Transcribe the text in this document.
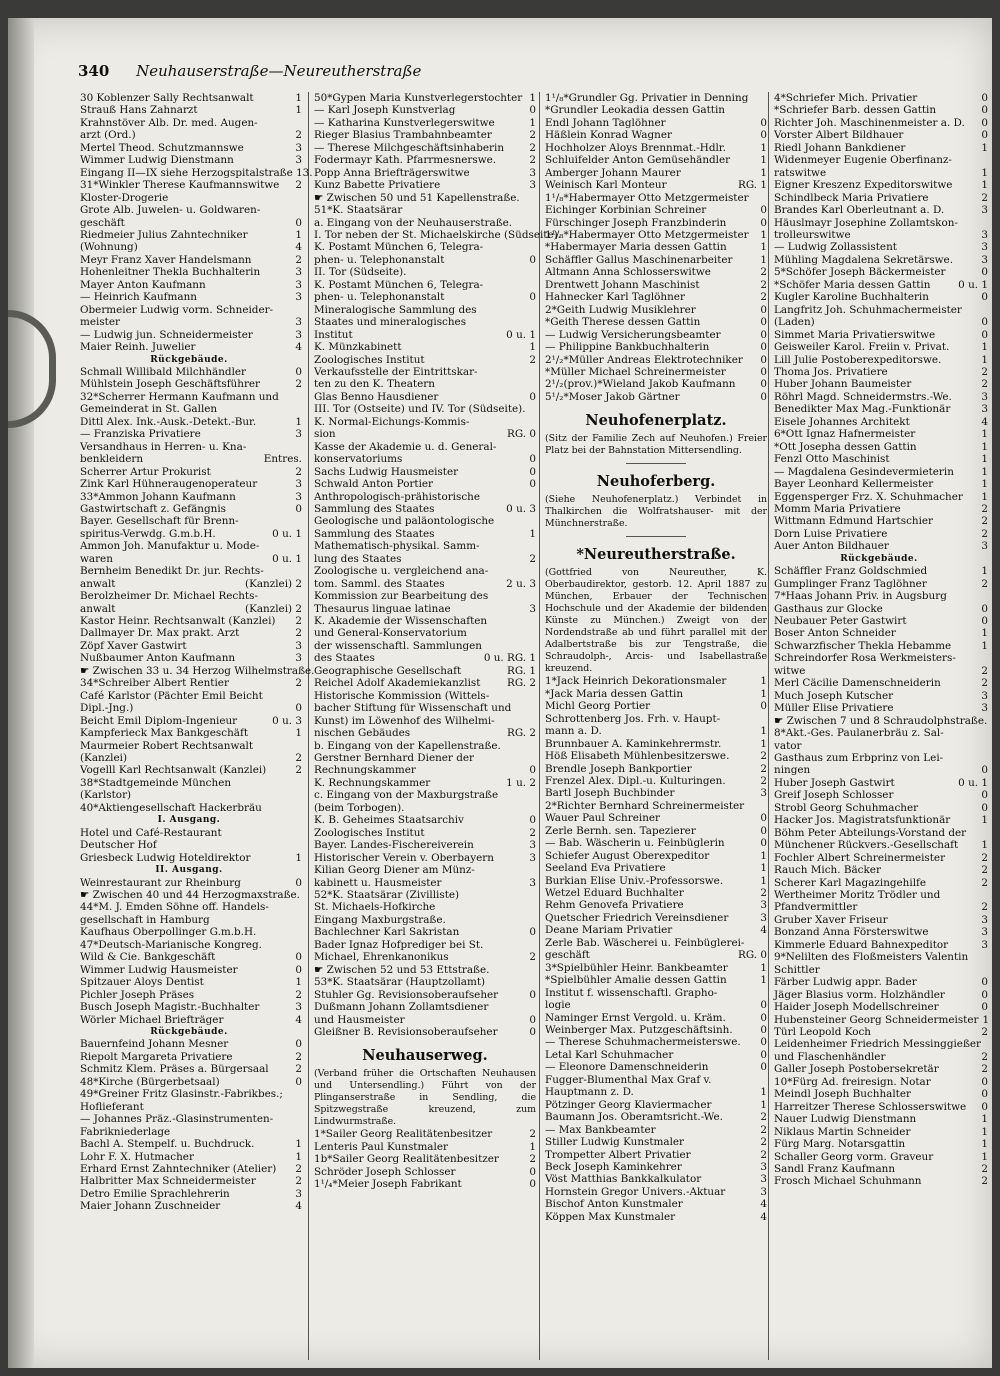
340 Neuhauserstraße—Neureutherstraße
30 Koblenzer Sally Rechtsanwalt	1
Strauß Hans Zahnarzt	1
Krahnstöver Alb. Dr. med. Augen-
arzt (Ord.)	2
Mertel Theod. Schutzmannswe	3
Wimmer Ludwig Dienstmann	3
Eingang II—IX siehe Herzogspitalstraße 13.
31*Winkler Therese Kaufmannswitwe	2
Kloster-Drogerie
Grote Alb. Juwelen- u. Goldwaren-
geschäft	0
Riedmeier Julius Zahntechniker	1
(Wohnung)	4
Meyr Franz Xaver Handelsmann	2
Hohenleitner Thekla Buchhalterin	3
Mayer Anton Kaufmann	3
— Heinrich Kaufmann	3
Obermeier Ludwig vorm. Schneider-
meister	3
— Ludwig jun. Schneidermeister	3
Maier Reinh. Juwelier	4
Rückgebäude.
Schmall Willibald Milchhändler	0
Mühlstein Joseph Geschäftsführer	2
32*Scherrer Hermann Kaufmann und
Gemeinderat in St. Gallen
Dittl Alex. Ink.-Ausk.-Detekt.-Bur.	1
— Franziska Privatiere	3
Versandhaus in Herren- u. Kna-
benkleidern	Entres.
Scherrer Artur Prokurist	2
Zink Karl Hühneraugenoperateur	3
33*Ammon Johann Kaufmann	3
Gastwirtschaft z. Gefängnis	0
Bayer. Gesellschaft für Brenn-
spiritus-Verwdg. G.m.b.H.	0 u. 1
Ammon Joh. Manufaktur u. Mode-
waren	0 u. 1
Bernheim Benedikt Dr. jur. Rechts-
anwalt	(Kanzlei) 2
Berolzheimer Dr. Michael Rechts-
anwalt	(Kanzlei) 2
Kastor Heinr. Rechtsanwalt (Kanzlei)	2
Dallmayer Dr. Max prakt. Arzt	2
Zöpf Xaver Gastwirt	3
Nußbaumer Anton Kaufmann	3
☛ Zwischen 33 u. 34 Herzog Wilhelmstraße.
34*Schreiber Albert Rentier	2
Café Karlstor (Pächter Emil Beicht
Dipl.-Jng.)	0
Beicht Emil Diplom-Ingenieur	0 u. 3
Kampferieck Max Bankgeschäft	1
Maurmeier Robert Rechtsanwalt
(Kanzlei)	2
Vogelll Karl Rechtsanwalt (Kanzlei)	2
38*Stadtgemeinde München
(Karlstor)
40*Aktiengesellschaft Hackerbräu
I. Ausgang.
Hotel und Café-Restaurant
Deutscher Hof
Griesbeck Ludwig Hoteldirektor	1
II. Ausgang.
Weinrestaurant zur Rheinburg	0
☛ Zwischen 40 und 44 Herzogmaxstraße.
44*M. J. Emden Söhne off. Handels-
gesellschaft in Hamburg
Kaufhaus Oberpollinger G.m.b.H.
47*Deutsch-Marianische Kongreg.
Wild & Cie. Bankgeschäft	0
Wimmer Ludwig Hausmeister	0
Spitzauer Aloys Dentist	1
Pichler Joseph Präses	2
Busch Joseph Magistr.-Buchhalter	3
Wörler Michael Briefträger	4
Rückgebäude.
Bauernfeind Johann Mesner	0
Riepolt Margareta Privatiere	2
Schmitz Klem. Präses a. Bürgersaal	2
48*Kirche (Bürgerbetsaal)	0
49*Greiner Fritz Glasinstr.-Fabrikbes.;
Hoflieferant
— Johannes Präz.-Glasinstrumenten-
Fabrikniederlage
Bachl A. Stempelf. u. Buchdruck.	1
Lohr F. X. Hutmacher	1
Erhard Ernst Zahntechniker (Atelier)	2
Halbritter Max Schneidermeister	2
Detro Emilie Sprachlehrerin	3
Maier Johann Zuschneider	4
50*Gypen Maria Kunstverlegerstochter 1
— Karl Joseph Kunstverlag	0
— Katharina Kunstverlegerswitwe	1
Rieger Blasius Trambahnbeamter	2
— Therese Milchgeschäftsinhaberin	2
Fodermayr Kath. Pfarrmesnerswe.	2
Popp Anna Briefträgerswitwe	3
Kunz Babette Privatiere	3
☛ Zwischen 50 und 51 Kapellenstraße.
51*K. Staatsärar
a. Eingang von der Neuhauserstraße.
I. Tor neben der St. Michaelskirche (Südseite).
K. Postamt München 6, Telegra-
phen- u. Telephonanstalt	0
II. Tor (Südseite).
K. Postamt München 6, Telegra-
phen- u. Telephonanstalt	0
Mineralogische Sammlung des
Staates und mineralogisches
Institut	0 u. 1
K. Münzkabinett	1
Zoologisches Institut	2
Verkaufsstelle der Eintrittskar-
ten zu den K. Theatern
Glas Benno Hausdiener	0
III. Tor (Ostseite) und IV. Tor (Südseite).
K. Normal-Eichungs-Kommis-
sion	RG. 0
Kasse der Akademie u. d. General-
konservatoriums	0
Sachs Ludwig Hausmeister	0
Schwald Anton Portier	0
Anthropologisch-prähistorische
Sammlung des Staates	0 u. 3
Geologische und paläontologische
Sammlung des Staates	1
Mathematisch-physikal. Samm-
lung des Staates	2
Zoologische u. vergleichend ana-
tom. Samml. des Staates	2 u. 3
Kommission zur Bearbeitung des
Thesaurus linguae latinae	3
K. Akademie der Wissenschaften
und General-Konservatorium
der wissenschaftl. Sammlungen
des Staates	0 u. RG. 1
Geographische Gesellschaft	RG. 1
Reichel Adolf Akademiekanzlist	RG. 2
Historische Kommission (Wittels-
bacher Stiftung für Wissenschaft und
Kunst) im Löwenhof des Wilhelmi-
nischen Gebäudes	RG. 2
b. Eingang von der Kapellenstraße.
Gerstner Bernhard Diener der
Rechnungskammer	0
K. Rechnungskammer	1 u. 2
c. Eingang von der Maxburgstraße
(beim Torbogen).
K. B. Geheimes Staatsarchiv	0
Zoologisches Institut	2
Bayer. Landes-Fischereiverein	3
Historischer Verein v. Oberbayern	3
Kilian Georg Diener am Münz-
kabinett u. Hausmeister	3
52*K. Staatsärar (Zivilliste)
St. Michaels-Hofkirche
Eingang Maxburgstraße.
Bachlechner Karl Sakristan	0
Bader Ignaz Hofprediger bei St.
Michael, Ehrenkanonikus	2
☛ Zwischen 52 und 53 Ettstraße.
53*K. Staatsärar (Hauptzollamt)
Stuhler Gg. Revisionsoberaufseher	0
Dußmann Johann Zollamtsdiener
und Hausmeister	0
Gleißner B. Revisionsoberaufseher	0
Neuhauserweg.
(Verband früher die Ortschaften Neuhausen und Untersendling.) Führt von der Plinganserstraße in Sendling, die Spitzwegstraße kreuzend, zum Lindwurmstraße.
1*Sailer Georg Realitätenbesitzer	2
Lenteris Paul Kunstmaler	1
1b*Sailer Georg Realitätenbesitzer	2
Schröder Joseph Schlosser	0
1¹/₄*Meier Joseph Fabrikant	0
1¹/₈*Grundler Gg. Privatier in Denning
*Grundler Leokadia dessen Gattin
Endl Johann Taglöhner	0
Häßlein Konrad Wagner	0
Hochholzer Aloys Brennmat.-Hdlr.	1
Schluifelder Anton Gemüsehändler	1
Amberger Johann Maurer	1
Weinisch Karl Monteur	RG. 1
1¹/₈*Habermayer Otto Metzgermeister
Eichinger Korbinian Schreiner	0
Fürschinger Joseph Franzbinderin	0
1¹/₈*Habermayer Otto Metzgermeister	1
*Habermayer Maria dessen Gattin	1
Schäffler Gallus Maschinenarbeiter	1
Altmann Anna Schlosserswitwe	2
Drentwett Johann Maschinist	2
Hahnecker Karl Taglöhner	2
2*Geith Ludwig Musiklehrer	0
*Geith Therese dessen Gattin	0
— Ludwig Versicherungsbeamter	0
— Philippine Bankbuchhalterin	0
2¹/₂*Müller Andreas Elektrotechniker	0
*Müller Michael Schreinermeister	0
2¹/₂(prov.)*Wieland Jakob Kaufmann	0
5¹/₂*Moser Jakob Gärtner	0
Neuhofenerplatz.
(Sitz der Familie Zech auf Neuhofen.) Freier Platz bei der Bahnstation Mittersendling.
Neuhoferberg.
(Siehe Neuhofenerplatz.) Verbindet in Thalkirchen die Wolfratshauser- mit der Münchnerstraße.
*Neureutherstraße.
(Gottfried von Neureuther, K. Oberbaudirektor, gestorb. 12. April 1887 zu München, Erbauer der Technischen Hochschule und der Akademie der bildenden Künste zu München.) Zweigt von der Nordendstraße ab und führt parallel mit der Adalbertstraße bis zur Tengstraße, die Schraudolph-, Arcis- und Isabellastraße kreuzend.
1*Jack Heinrich Dekorationsmaler	1
*Jack Maria dessen Gattin	1
Michl Georg Portier	0
Schrottenberg Jos. Frh. v. Haupt-
mann a. D.	1
Brunnbauer A. Kaminkehrermstr.	1
Höß Elisabeth Mühlenbesitzerswe.	2
Brendle Joseph Bankportier	2
Frenzel Alex. Dipl.-u. Kulturingen.	2
Bartl Joseph Buchbinder	3
2*Richter Bernhard Schreinermeister
Wauer Paul Schreiner	0
Zerle Bernh. sen. Tapezierer	0
— Bab. Wäscherin u. Feinbüglerin	0
Schiefer August Oberexpeditor	1
Seeland Eva Privatiere	1
Burkian Elise Univ.-Professorswe.	1
Wetzel Eduard Buchhalter	2
Rehm Genovefa Privatiere	3
Quetscher Friedrich Vereinsdiener	3
Deane Mariam Privatier	4
Zerle Bab. Wäscherei u. Feinbüglerei-
geschäft	RG. 0
3*Spielbühler Heinr. Bankbeamter	1
*Spielbühler Amalie dessen Gattin	1
Institut f. wissenschaftl. Grapho-
logie	0
Naminger Ernst Vergold. u. Kräm.	0
Weinberger Max. Putzgeschäftsinh.	0
— Therese Schuhmachermeisterswe.	0
Letal Karl Schuhmacher	0
— Eleonore Damenschneiderin	0
Fugger-Blumenthal Max Graf v.
Hauptmann z. D.	1
Pötzinger Georg Klaviermacher	1
Baumann Jos. Oberamtsricht.-We.	2
— Max Bankbeamter	2
Stiller Ludwig Kunstmaler	2
Trompetter Albert Privatier	2
Beck Joseph Kaminkehrer	3
Vöst Matthias Bankkalkulator	3
Hornstein Gregor Univers.-Aktuar	3
Bischof Anton Kunstmaler	4
Köppen Max Kunstmaler	4
4*Schriefer Mich. Privatier	0
*Schriefer Barb. dessen Gattin	0
Richter Joh. Maschinenmeister a. D.	0
Vorster Albert Bildhauer	0
Riedl Johann Bankdiener	1
Widenmeyer Eugenie Oberfinanz-
ratswitwe	1
Eigner Kreszenz Expeditorswitwe	1
Schindlbeck Maria Privatiere	2
Brandes Karl Oberleutnant a. D.	3
Häuslmayr Josephine Zollamtskon-
trolleurswitwe	3
— Ludwig Zollassistent	3
Mühling Magdalena Sekretärswe.	3
5*Schöfer Joseph Bäckermeister	0
*Schöfer Maria dessen Gattin	0 u. 1
Kugler Karoline Buchhalterin	0
Langfritz Joh. Schuhmachermeister
(Laden)	0
Simmet Maria Privatierswitwe	0
Geisweiler Karol. Freiin v. Privat.	1
Lill Julie Postoberexpeditorswe.	1
Thoma Jos. Privatiere	2
Huber Johann Baumeister	2
Röhrl Magd. Schneidermstrs.-We.	3
Benedikter Max Mag.-Funktionär	3
Eisele Johannes Architekt	4
6*Ott Ignaz Hafnermeister	1
*Ott Josepha dessen Gattin	1
Fenzl Otto Maschinist	1
— Magdalena Gesindevermieterin	1
Bayer Leonhard Kellermeister	1
Eggensperger Frz. X. Schuhmacher	1
Momm Maria Privatiere	2
Wittmann Edmund Hartschier	2
Dorn Luise Privatiere	2
Auer Anton Bildhauer	3
Rückgebäude.
Schäffler Franz Goldschmied	1
Gumplinger Franz Taglöhner	2
7*Haas Johann Priv. in Augsburg
Gasthaus zur Glocke	0
Neubauer Peter Gastwirt	0
Boser Anton Schneider	1
Schwarzfischer Thekla Hebamme	1
Schreindorfer Rosa Werkmeisters-
witwe	2
Merl Cäcilie Damenschneiderin	2
Much Joseph Kutscher	3
Müller Elise Privatiere	3
☛ Zwischen 7 und 8 Schraudolphstraße.
8*Akt.-Ges. Paulanerbräu z. Sal-
vator
Gasthaus zum Erbprinz von Lei-
ningen	0
Huber Joseph Gastwirt	0 u. 1
Greif Joseph Schlosser	0
Strobl Georg Schuhmacher	0
Hacker Jos. Magistratsfunktionär	1
Böhm Peter Abteilungs-Vorstand der
Münchener Rückvers.-Gesellschaft	1
Fochler Albert Schreinermeister	2
Rauch Mich. Bäcker	2
Scherer Karl Magazingehilfe	2
Wertheimer Moritz Trödler und
Pfandvermittler	2
Gruber Xaver Friseur	3
Bonzand Anna Försterswitwe	3
Kimmerle Eduard Bahnexpeditor	3
9*Nelilten des Floßmeisters Valentin
Schittler
Färber Ludwig appr. Bader	0
Jäger Blasius vorm. Holzhändler	0
Haider Joseph Modellschreiner	0
Hubensteiner Georg Schneidermeister 1
Türl Leopold Koch	2
Leidenheimer Friedrich Messinggießer
und Flaschenhändler	2
Galler Joseph Postobersekretär	2
10*Fürg Ad. freiresign. Notar	0
Meindl Joseph Buchhalter	0
Harreitzer Therese Schlosserswitwe	0
Nauer Ludwig Dienstmann	1
Niklaus Martin Schneider	1
Fürg Marg. Notarsgattin	1
Schaller Georg vorm. Graveur	1
Sandl Franz Kaufmann	2
Frosch Michael Schuhmann	2
